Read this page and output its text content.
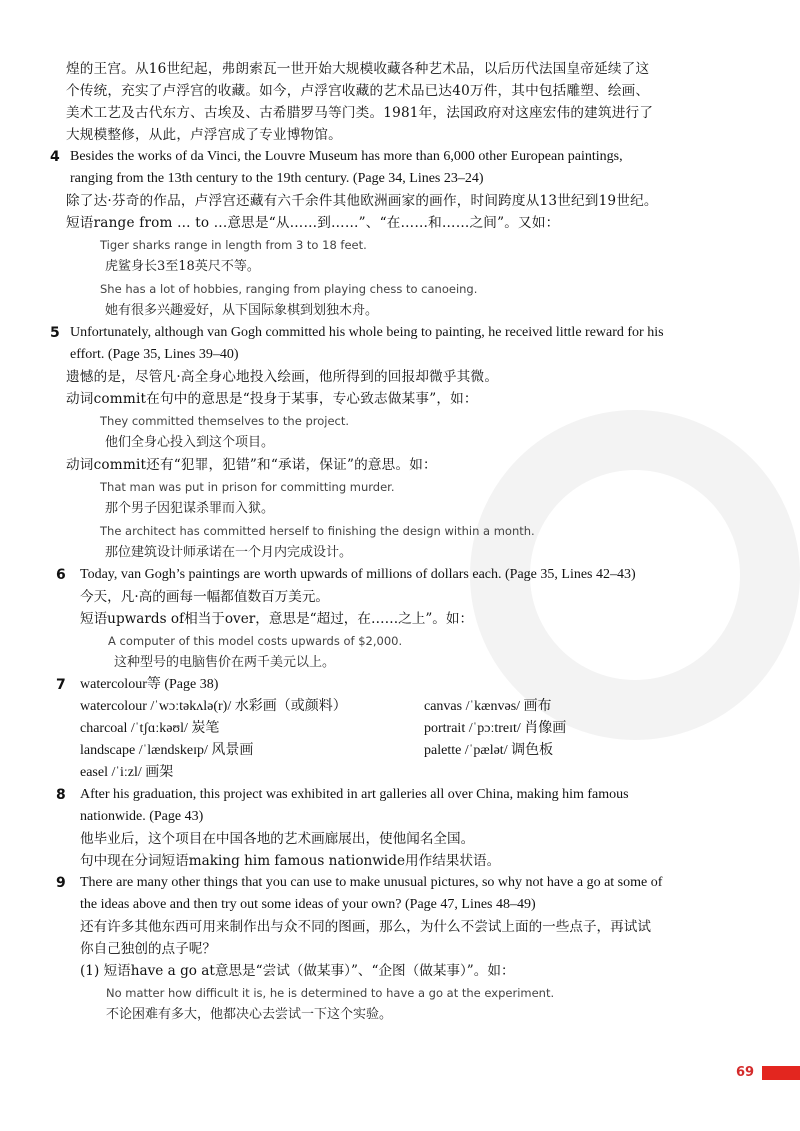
煌的王宫。从16世纪起，弗朗索瓦一世开始大规模收藏各种艺术品，以后历代法国皇帝延续了这
个传统，充实了卢浮宫的收藏。如今，卢浮宫收藏的艺术品已达40万件，其中包括雕塑、绘画、
美术工艺及古代东方、古埃及、古希腊罗马等门类。1981年，法国政府对这座宏伟的建筑进行了
大规模整修，从此，卢浮宫成了专业博物馆。
4 Besides the works of da Vinci, the Louvre Museum has more than 6,000 other European paintings,
ranging from the 13th century to the 19th century. (Page 34, Lines 23–24)
除了达·芬奇的作品，卢浮宫还藏有六千余件其他欧洲画家的画作，时间跨度从13世纪到19世纪。
短语range from ... to ...意思是“从……到……”、“在……和……之间”。又如：
Tiger sharks range in length from 3 to 18 feet.
虎鲨身长3至18英尺不等。
She has a lot of hobbies, ranging from playing chess to canoeing.
她有很多兴趣爱好，从下国际象棋到划独木舟。
5 Unfortunately, although van Gogh committed his whole being to painting, he received little reward for his
effort. (Page 35, Lines 39–40)
遗憾的是，尽管凡·高全身心地投入绘画，他所得到的回报却微乎其微。
动词commit在句中的意思是“投身于某事，专心致志做某事”，如：
They committed themselves to the project.
他们全身心投入到这个项目。
动词commit还有“犯罪，犯错”和“承诺，保证”的意思。如：
That man was put in prison for committing murder.
那个男子因犯谋杀罪而入狱。
The architect has committed herself to finishing the design within a month.
那位建筑设计师承诺在一个月内完成设计。
6 Today, van Gogh’s paintings are worth upwards of millions of dollars each. (Page 35, Lines 42–43)
今天，凡·高的画每一幅都值数百万美元。
短语upwards of相当于over，意思是“超过，在……之上”。如：
A computer of this model costs upwards of $2,000.
这种型号的电脑售价在两千美元以上。
7 watercolour等 (Page 38)
watercolour /ˈwɔːtəkʌlə(r)/ 水彩画（或颜料）	canvas /ˈkænvəs/ 画布
charcoal /ˈtʃɑːkəʊl/ 炭笔	portrait /ˈpɔːtreɪt/ 肖像画
landscape /ˈlændskeɪp/ 风景画	palette /ˈpælət/ 调色板
easel /ˈiːzl/ 画架
8 After his graduation, this project was exhibited in art galleries all over China, making him famous
nationwide. (Page 43)
他毕业后，这个项目在中国各地的艺术画廊展出，使他闻名全国。
句中现在分词短语making him famous nationwide用作结果状语。
9 There are many other things that you can use to make unusual pictures, so why not have a go at some of
the ideas above and then try out some ideas of your own? (Page 47, Lines 48–49)
还有许多其他东西可用来制作出与众不同的图画，那么，为什么不尝试上面的一些点子，再试试
你自己独创的点子呢？
(1) 短语have a go at意思是“尝试（做某事）”、“企图（做某事）”。如：
No matter how difficult it is, he is determined to have a go at the experiment.
不论困难有多大，他都决心去尝试一下这个实验。
69
